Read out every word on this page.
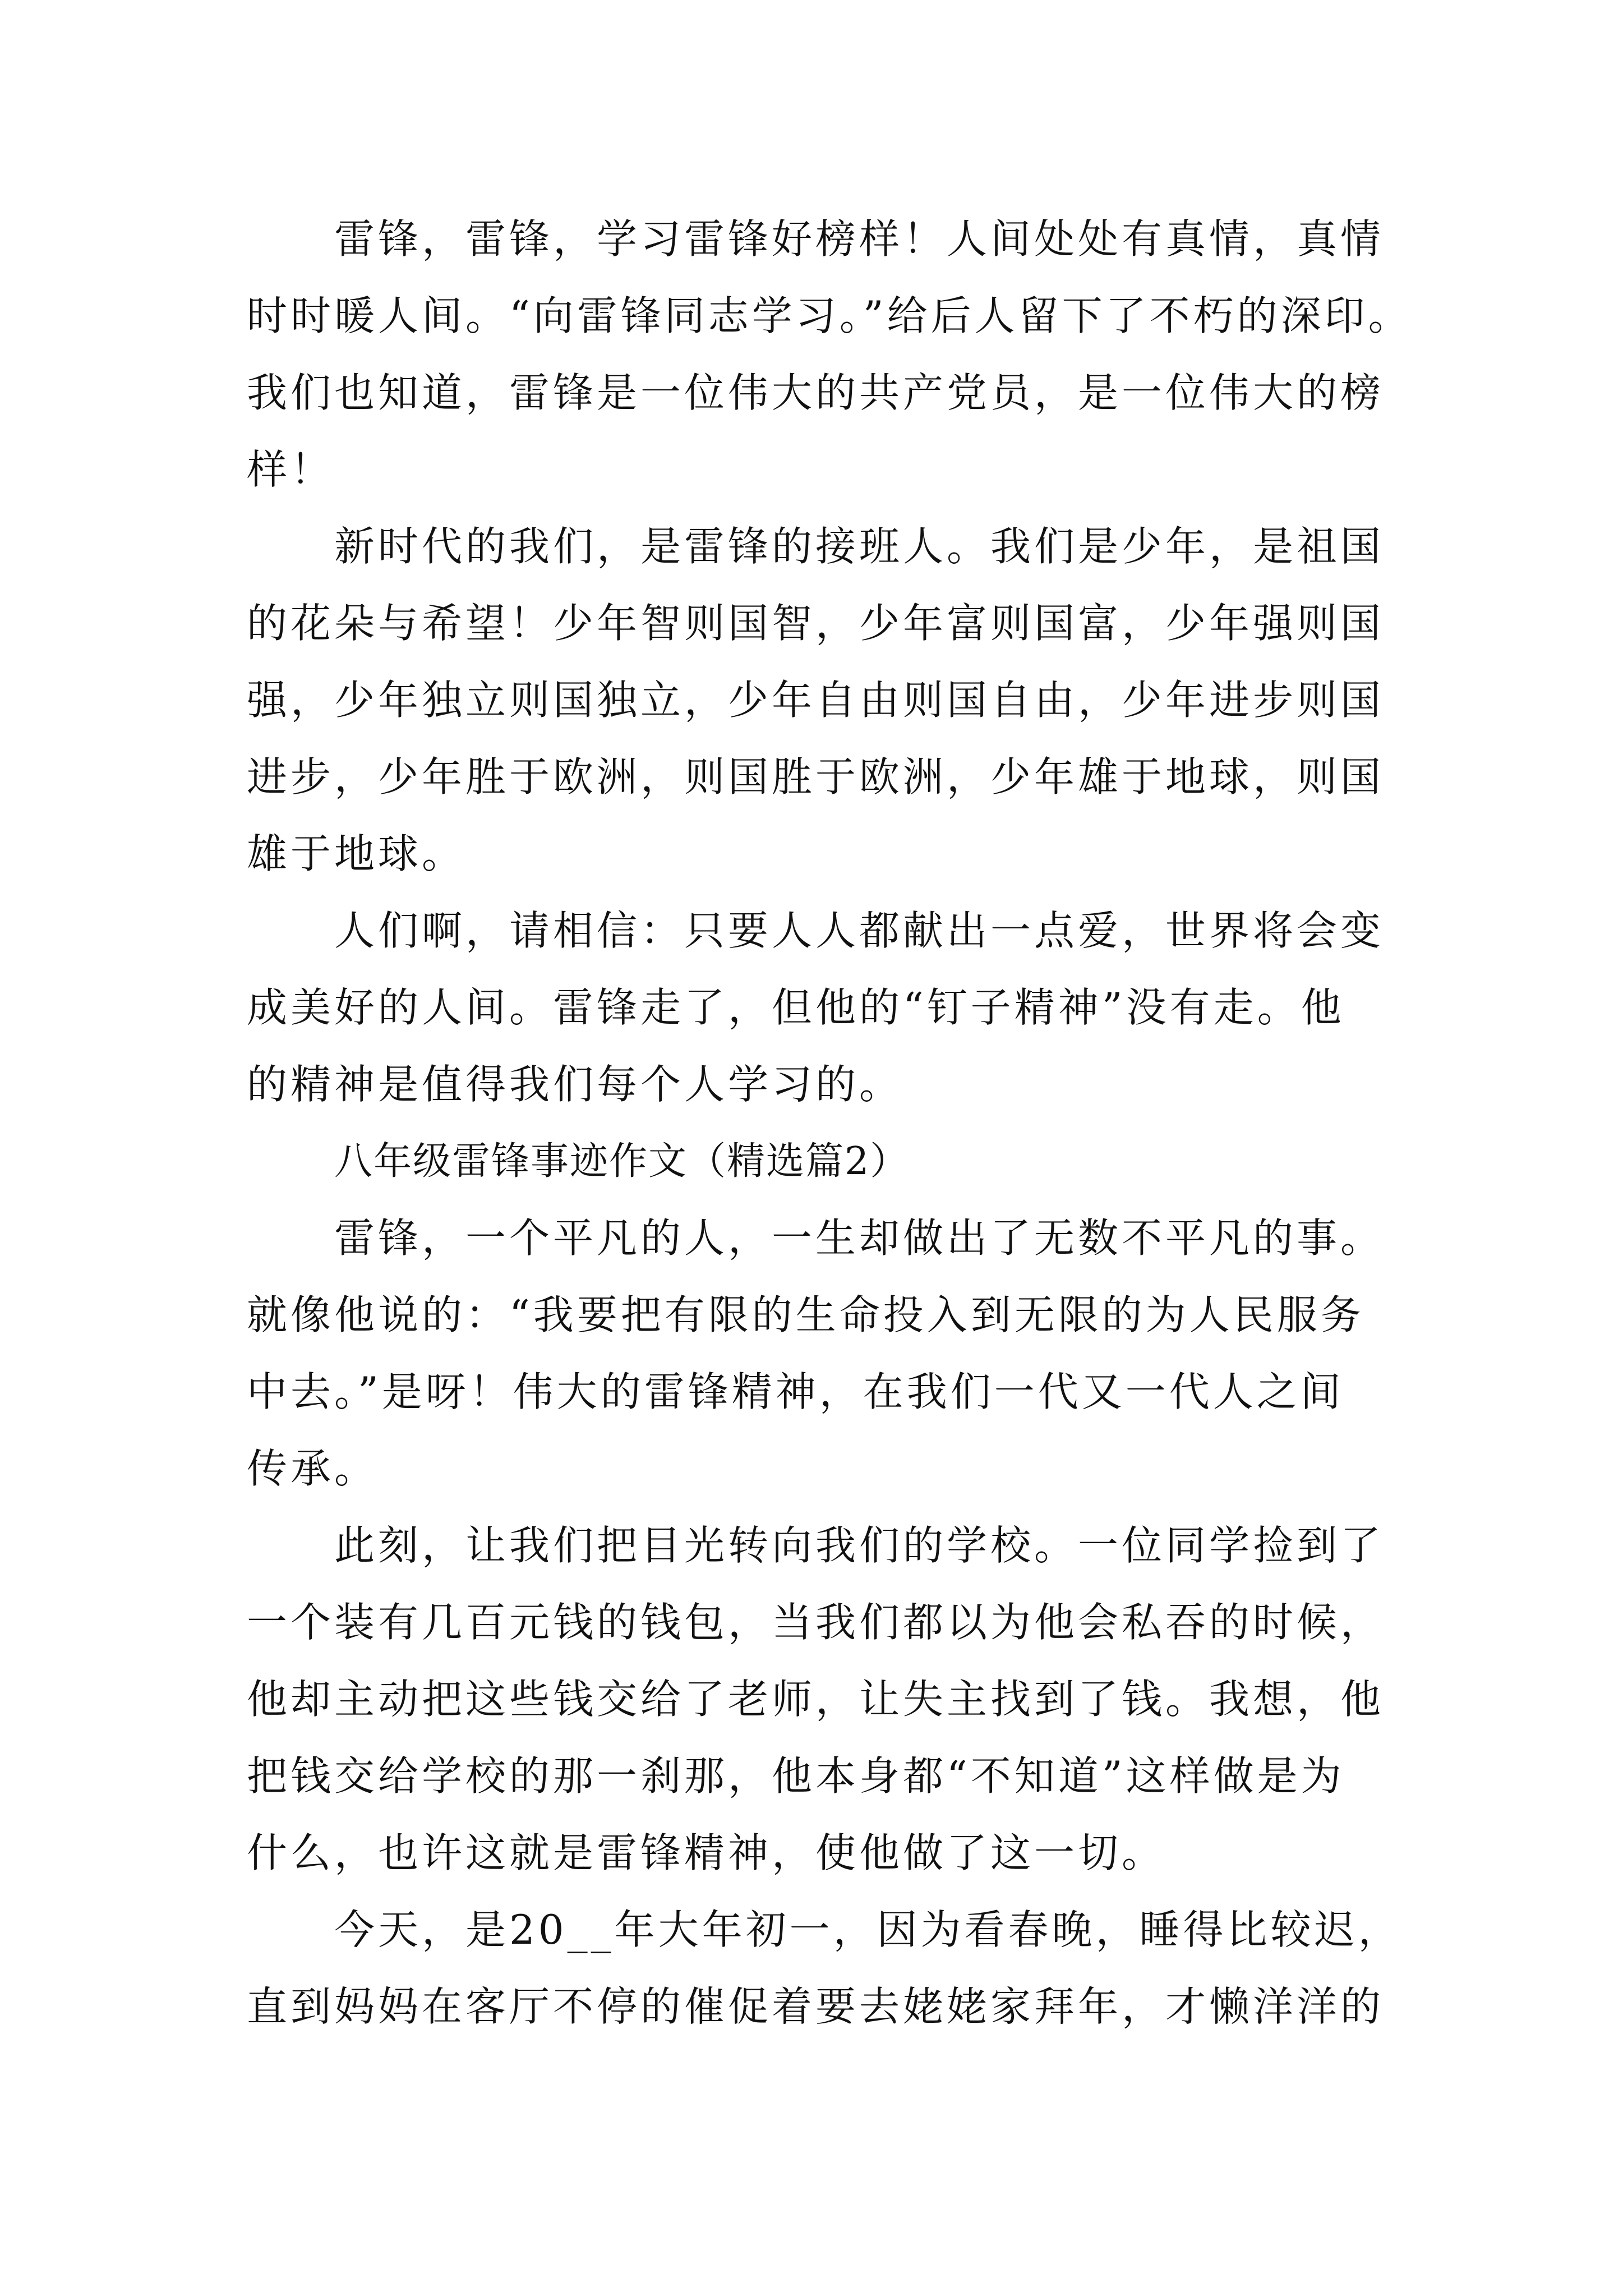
雷锋，雷锋，学习雷锋好榜样！人间处处有真情，真情
时时暖人间。“向雷锋同志学习。”给后人留下了不朽的深印。
我们也知道，雷锋是一位伟大的共产党员，是一位伟大的榜
样！
新时代的我们，是雷锋的接班人。我们是少年，是祖国
的花朵与希望！少年智则国智，少年富则国富，少年强则国
强，少年独立则国独立，少年自由则国自由，少年进步则国
进步，少年胜于欧洲，则国胜于欧洲，少年雄于地球，则国
雄于地球。
人们啊，请相信：只要人人都献出一点爱，世界将会变
成美好的人间。雷锋走了，但他的“钉子精神”没有走。他
的精神是值得我们每个人学习的。
八年级雷锋事迹作文（精选篇2）
雷锋，一个平凡的人，一生却做出了无数不平凡的事。
就像他说的：“我要把有限的生命投入到无限的为人民服务
中去。”是呀！伟大的雷锋精神，在我们一代又一代人之间
传承。
此刻，让我们把目光转向我们的学校。一位同学捡到了
一个装有几百元钱的钱包，当我们都以为他会私吞的时候，
他却主动把这些钱交给了老师，让失主找到了钱。我想，他
把钱交给学校的那一刹那，他本身都“不知道”这样做是为
什么，也许这就是雷锋精神，使他做了这一切。
今天，是20__年大年初一，因为看春晚，睡得比较迟，
直到妈妈在客厅不停的催促着要去姥姥家拜年，才懒洋洋的
